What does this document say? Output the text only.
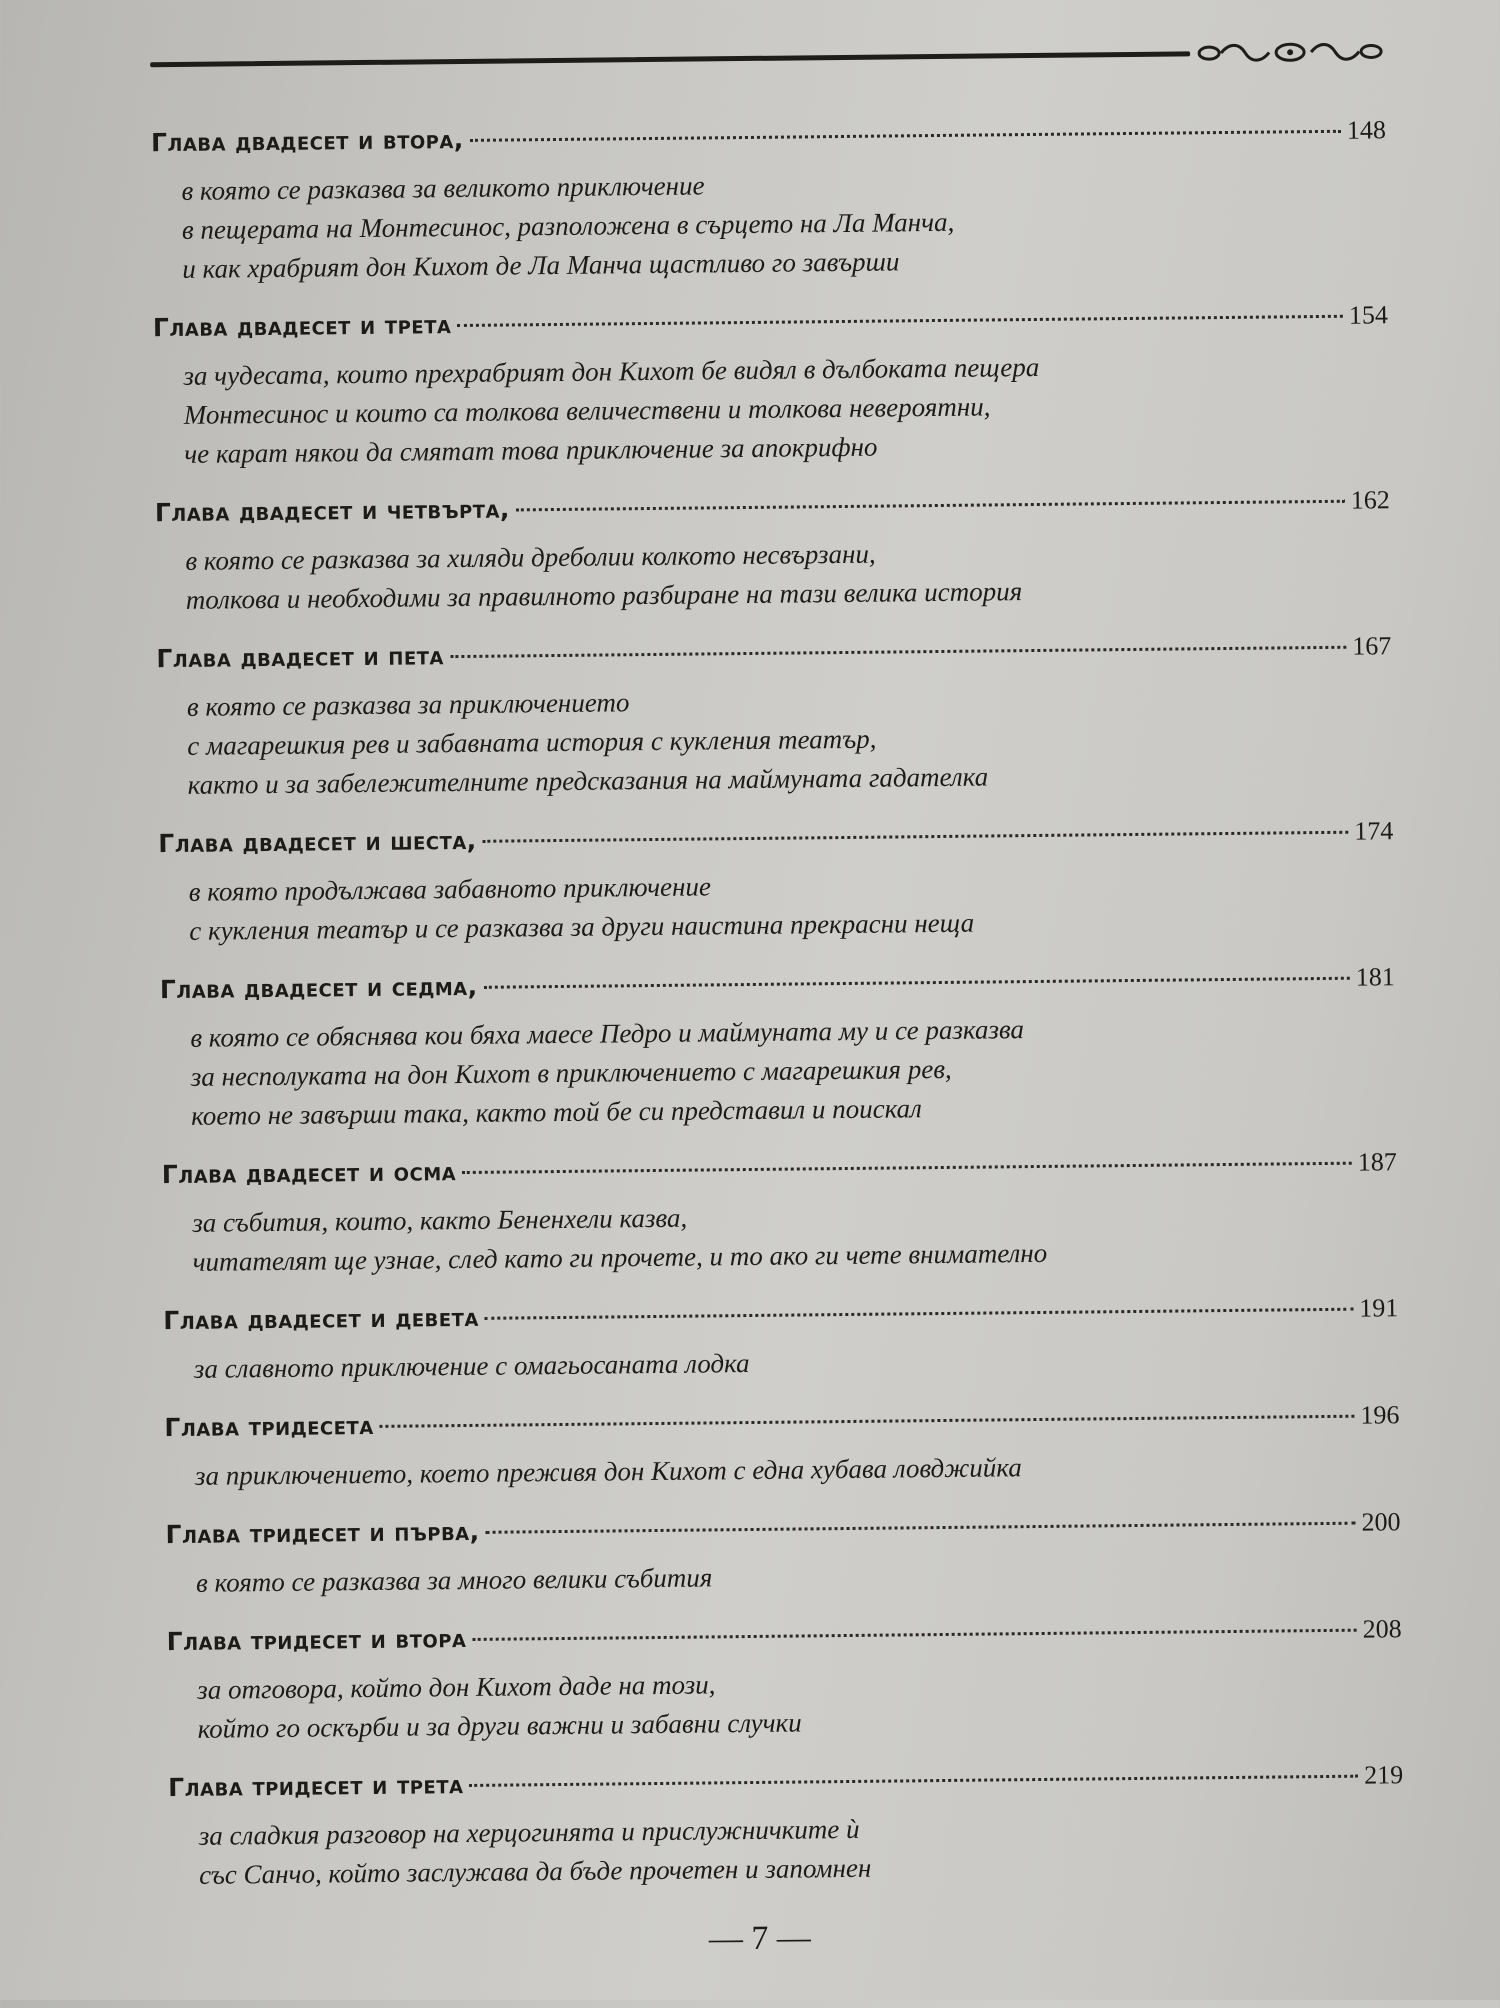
Глава двадесет и втора,	148
в която се разказва за великото приключение
в пещерата на Монтесинос, разположена в сърцето на Ла Манча,
и как храбрият дон Кихот де Ла Манча щастливо го завърши
Глава двадесет и трета	154
за чудесата, които прехрабрият дон Кихот бе видял в дълбоката пещера
Монтесинос и които са толкова величествени и толкова невероятни,
че карат някои да смятат това приключение за апокрифно
Глава двадесет и четвърта,	162
в която се разказва за хиляди дреболии колкото несвързани,
толкова и необходими за правилното разбиране на тази велика история
Глава двадесет и пета	167
в която се разказва за приключението
с магарешкия рев и забавната история с кукления театър,
както и за забележителните предсказания на маймуната гадателка
Глава двадесет и шеста,	174
в която продължава забавното приключение
с кукления театър и се разказва за други наистина прекрасни неща
Глава двадесет и седма,	181
в която се обяснява кои бяха маесе Педро и маймуната му и се разказва
за несполуката на дон Кихот в приключението с магарешкия рев,
което не завърши така, както той бе си представил и поискал
Глава двадесет и осма	187
за събития, които, както Бененхели казва,
читателят ще узнае, след като ги прочете, и то ако ги чете внимателно
Глава двадесет и девета	191
за славното приключение с омагьосаната лодка
Глава тридесета	196
за приключението, което преживя дон Кихот с една хубава ловджийка
Глава тридесет и първа,	200
в която се разказва за много велики събития
Глава тридесет и втора	208
за отговора, който дон Кихот даде на този,
който го оскърби и за други важни и забавни случки
Глава тридесет и трета	219
за сладкия разговор на херцогинята и прислужничките ѝ
със Санчо, който заслужава да бъде прочетен и запомнен
— 7 —
